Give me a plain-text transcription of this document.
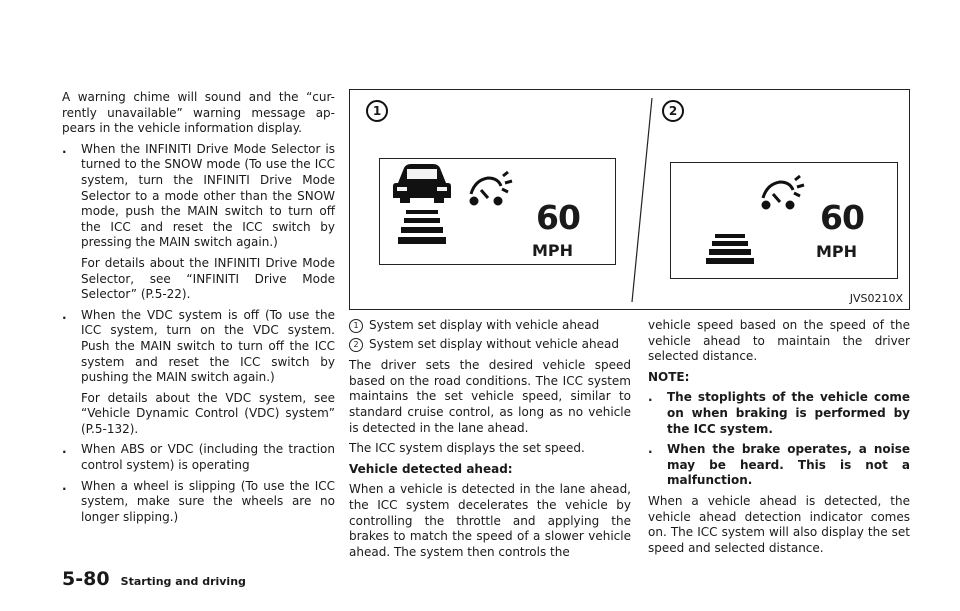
A warning chime will sound and the “cur-rently unavailable” warning message ap-pears in the vehicle information display.

. When the INFINITI Drive Mode Selector is turned to the SNOW mode (To use the ICC system, turn the INFINITI Drive Mode Selector to a mode other than the SNOW mode, push the MAIN switch to turn off the ICC and reset the ICC switch by pressing the MAIN switch again.)

For details about the INFINITI Drive Mode Selector, see “INFINITI Drive Mode Selector” (P.5-22).

. When the VDC system is off (To use the ICC system, turn on the VDC system. Push the MAIN switch to turn off the ICC system and reset the ICC switch by pushing the MAIN switch again.)

For details about the VDC system, see “Vehicle Dynamic Control (VDC) system” (P.5-132).

. When ABS or VDC (including the traction control system) is operating

. When a wheel is slipping (To use the ICC system, make sure the wheels are no longer slipping.)

1	2
60
MPH
60
MPH
JVS0210X
1 System set display with vehicle ahead
2 System set display without vehicle ahead

The driver sets the desired vehicle speed based on the road conditions. The ICC system maintains the set vehicle speed, similar to standard cruise control, as long as no vehicle is detected in the lane ahead.

The ICC system displays the set speed.

Vehicle detected ahead:

When a vehicle is detected in the lane ahead, the ICC system decelerates the vehicle by controlling the throttle and applying the brakes to match the speed of a slower vehicle ahead. The system then controls the

vehicle speed based on the speed of the vehicle ahead to maintain the driver selected distance.

NOTE:

. The stoplights of the vehicle come on when braking is performed by the ICC system.

. When the brake operates, a noise may be heard. This is not a malfunction.

When a vehicle ahead is detected, the vehicle ahead detection indicator comes on. The ICC system will also display the set speed and selected distance.

5-80 Starting and driving
